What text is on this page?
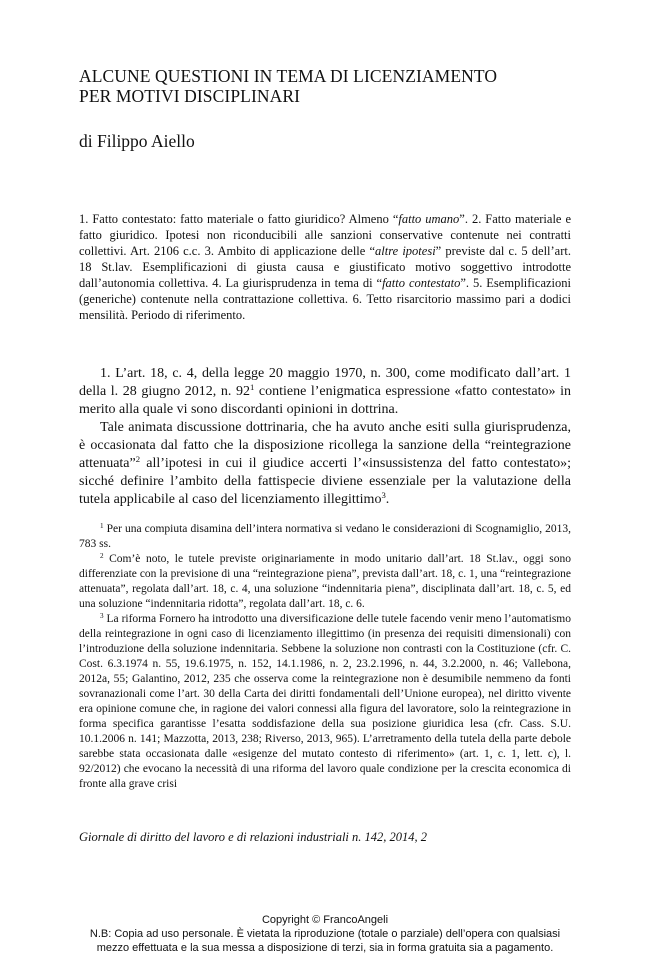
ALCUNE QUESTIONI IN TEMA DI LICENZIAMENTO
PER MOTIVI DISCIPLINARI
di Filippo Aiello
1. Fatto contestato: fatto materiale o fatto giuridico? Almeno “fatto umano”. 2. Fatto materiale e fatto giuridico. Ipotesi non riconducibili alle sanzioni conservative contenute nei contratti collettivi. Art. 2106 c.c. 3. Ambito di applicazione delle “altre ipotesi” previste dal c. 5 dell’art. 18 St.lav. Esemplificazioni di giusta causa e giustificato motivo soggettivo introdotte dall’autonomia collettiva. 4. La giurisprudenza in tema di “fatto contestato”. 5. Esemplificazioni (generiche) contenute nella contrattazione collettiva. 6. Tetto risarcitorio massimo pari a dodici mensilità. Periodo di riferimento.

1. L’art. 18, c. 4, della legge 20 maggio 1970, n. 300, come modificato dall’art. 1 della l. 28 giugno 2012, n. $92^1$ contiene l’enigmatica espressione «fatto contestato» in merito alla quale vi sono discordanti opinioni in dottrina.

Tale animata discussione dottrinaria, che ha avuto anche esiti sulla giurisprudenza, è occasionata dal fatto che la disposizione ricollega la sanzione della “reintegrazione attenuata”$^2$ all’ipotesi in cui il giudice accerti l’«insussistenza del fatto contestato»; sicché definire l’ambito della fattispecie diviene essenziale per la valutazione della tutela applicabile al caso del licenziamento illegittimo$^3$.

$^1$ Per una compiuta disamina dell’intera normativa si vedano le considerazioni di Scognamiglio, 2013, 783 ss.

$^2$ Com’è noto, le tutele previste originariamente in modo unitario dall’art. 18 St.lav., oggi sono differenziate con la previsione di una “reintegrazione piena”, prevista dall’art. 18, c. 1, una “reintegrazione attenuata”, regolata dall’art. 18, c. 4, una soluzione “indennitaria piena”, disciplinata dall’art. 18, c. 5, ed una soluzione “indennitaria ridotta”, regolata dall’art. 18, c. 6.

$^3$ La riforma Fornero ha introdotto una diversificazione delle tutele facendo venir meno l’automatismo della reintegrazione in ogni caso di licenziamento illegittimo (in presenza dei requisiti dimensionali) con l’introduzione della soluzione indennitaria. Sebbene la soluzione non contrasti con la Costituzione (cfr. C. Cost. 6.3.1974 n. 55, 19.6.1975, n. 152, 14.1.1986, n. 2, 23.2.1996, n. 44, 3.2.2000, n. 46; Vallebona, 2012a, 55; Galantino, 2012, 235 che osserva come la reintegrazione non è desumibile nemmeno da fonti sovranazionali come l’art. 30 della Carta dei diritti fondamentali dell’Unione europea), nel diritto vivente era opinione comune che, in ragione dei valori connessi alla figura del lavoratore, solo la reintegrazione in forma specifica garantisse l’esatta soddisfazione della sua posizione giuridica lesa (cfr. Cass. S.U. 10.1.2006 n. 141; Mazzotta, 2013, 238; Riverso, 2013, 965). L’arretramento della tutela della parte debole sarebbe stata occasionata dalle «esigenze del mutato contesto di riferimento» (art. 1, c. 1, lett. c), l. 92/2012) che evocano la necessità di una riforma del lavoro quale condizione per la crescita economica di fronte alla grave crisi

Giornale di diritto del lavoro e di relazioni industriali n. 142, 2014, 2
Copyright © FrancoAngeli
N.B: Copia ad uso personale. È vietata la riproduzione (totale o parziale) dell’opera con qualsiasi
mezzo effettuata e la sua messa a disposizione di terzi, sia in forma gratuita sia a pagamento.
